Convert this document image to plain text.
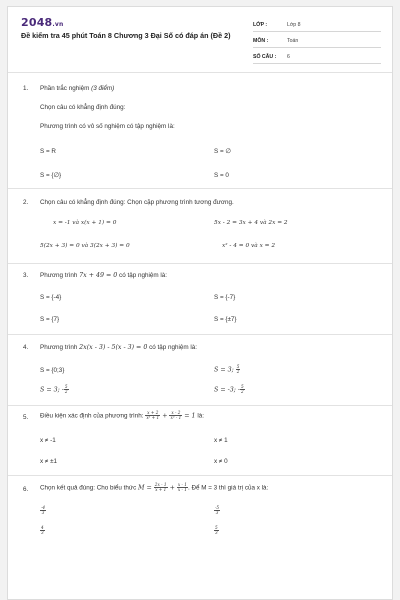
2048.vn
Đề kiểm tra 45 phút Toán 8 Chương 3 Đại Số có đáp án (Đề 2)
LỚP :	Lớp 8
MÔN :	Toán
SỐ CÂU : 6
1. Phần trắc nghiệm (3 điểm)
Chọn câu có khẳng định đúng:
Phương trình có vô số nghiệm có tập nghiệm là:
S = R	S = ∅
S = {∅}	S = 0
2. Chọn câu có khẳng định đúng: Chọn cặp phương trình tương đương.
x = -1 và x(x + 1) = 0	5x - 2 = 3x + 4 và 2x = 2
5(2x + 3) = 0 và 3(2x + 3) = 0	x² - 4 = 0 và x = 2
3. Phương trình 7x + 49 = 0 có tập nghiệm là:
S = {-4}	S = {-7}
S = {7}	S = {±7}
4. Phương trình 2x(x - 3) - 5(x - 3) = 0 có tập nghiệm là:
S = {0;3}	S = 3; $\frac{5}{2}$
S = 3; - $\frac{5}{2}$	S = -3; - $\frac{5}{2}$
5. Điều kiện xác định của phương trình: $\frac{x + 2}{\text{x² + 1}} + \frac{x - 2}{\text{x² - 1}} = 1$ là:
x ≠ -1	x ≠ 1
x ≠ ±1	x ≠ 0
6. Chọn kết quả đúng: Cho biểu thức $M = \frac{2x - 1}{x + 1} + \frac{x - 1}{x - 1}$ . Để M = 3 thì giá trị của x là:
$\frac{-4}{3}$	$\frac{-5}{3}$
$\frac{4}{3}$	$\frac{5}{3}$
